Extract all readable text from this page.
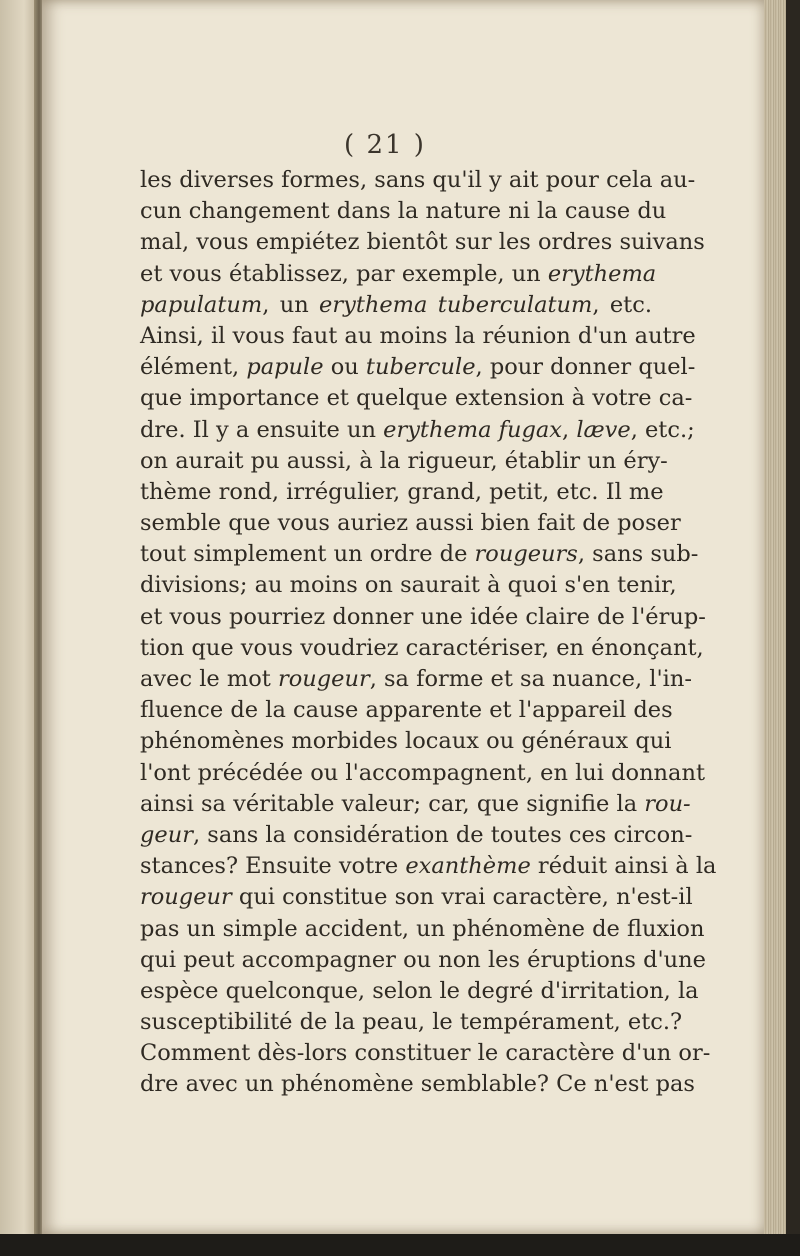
( 21 )
les diverses formes, sans qu'il y ait pour cela au-
cun changement dans la nature ni la cause du
mal, vous empiétez bientôt sur les ordres suivans
et vous établissez, par exemple, un erythema
papulatum, un erythema tuberculatum, etc.
Ainsi, il vous faut au moins la réunion d'un autre
élément, papule ou tubercule, pour donner quel-
que importance et quelque extension à votre ca-
dre. Il y a ensuite un erythema fugax, læve, etc.;
on aurait pu aussi, à la rigueur, établir un éry-
thème rond, irrégulier, grand, petit, etc. Il me
semble que vous auriez aussi bien fait de poser
tout simplement un ordre de rougeurs, sans sub-
divisions; au moins on saurait à quoi s'en tenir,
et vous pourriez donner une idée claire de l'érup-
tion que vous voudriez caractériser, en énonçant,
avec le mot rougeur, sa forme et sa nuance, l'in-
fluence de la cause apparente et l'appareil des
phénomènes morbides locaux ou généraux qui
l'ont précédée ou l'accompagnent, en lui donnant
ainsi sa véritable valeur; car, que signifie la rou-
geur, sans la considération de toutes ces circon-
stances? Ensuite votre exanthème réduit ainsi à la
rougeur qui constitue son vrai caractère, n'est-il
pas un simple accident, un phénomène de fluxion
qui peut accompagner ou non les éruptions d'une
espèce quelconque, selon le degré d'irritation, la
susceptibilité de la peau, le tempérament, etc.?
Comment dès-lors constituer le caractère d'un or-
dre avec un phénomène semblable? Ce n'est pas
